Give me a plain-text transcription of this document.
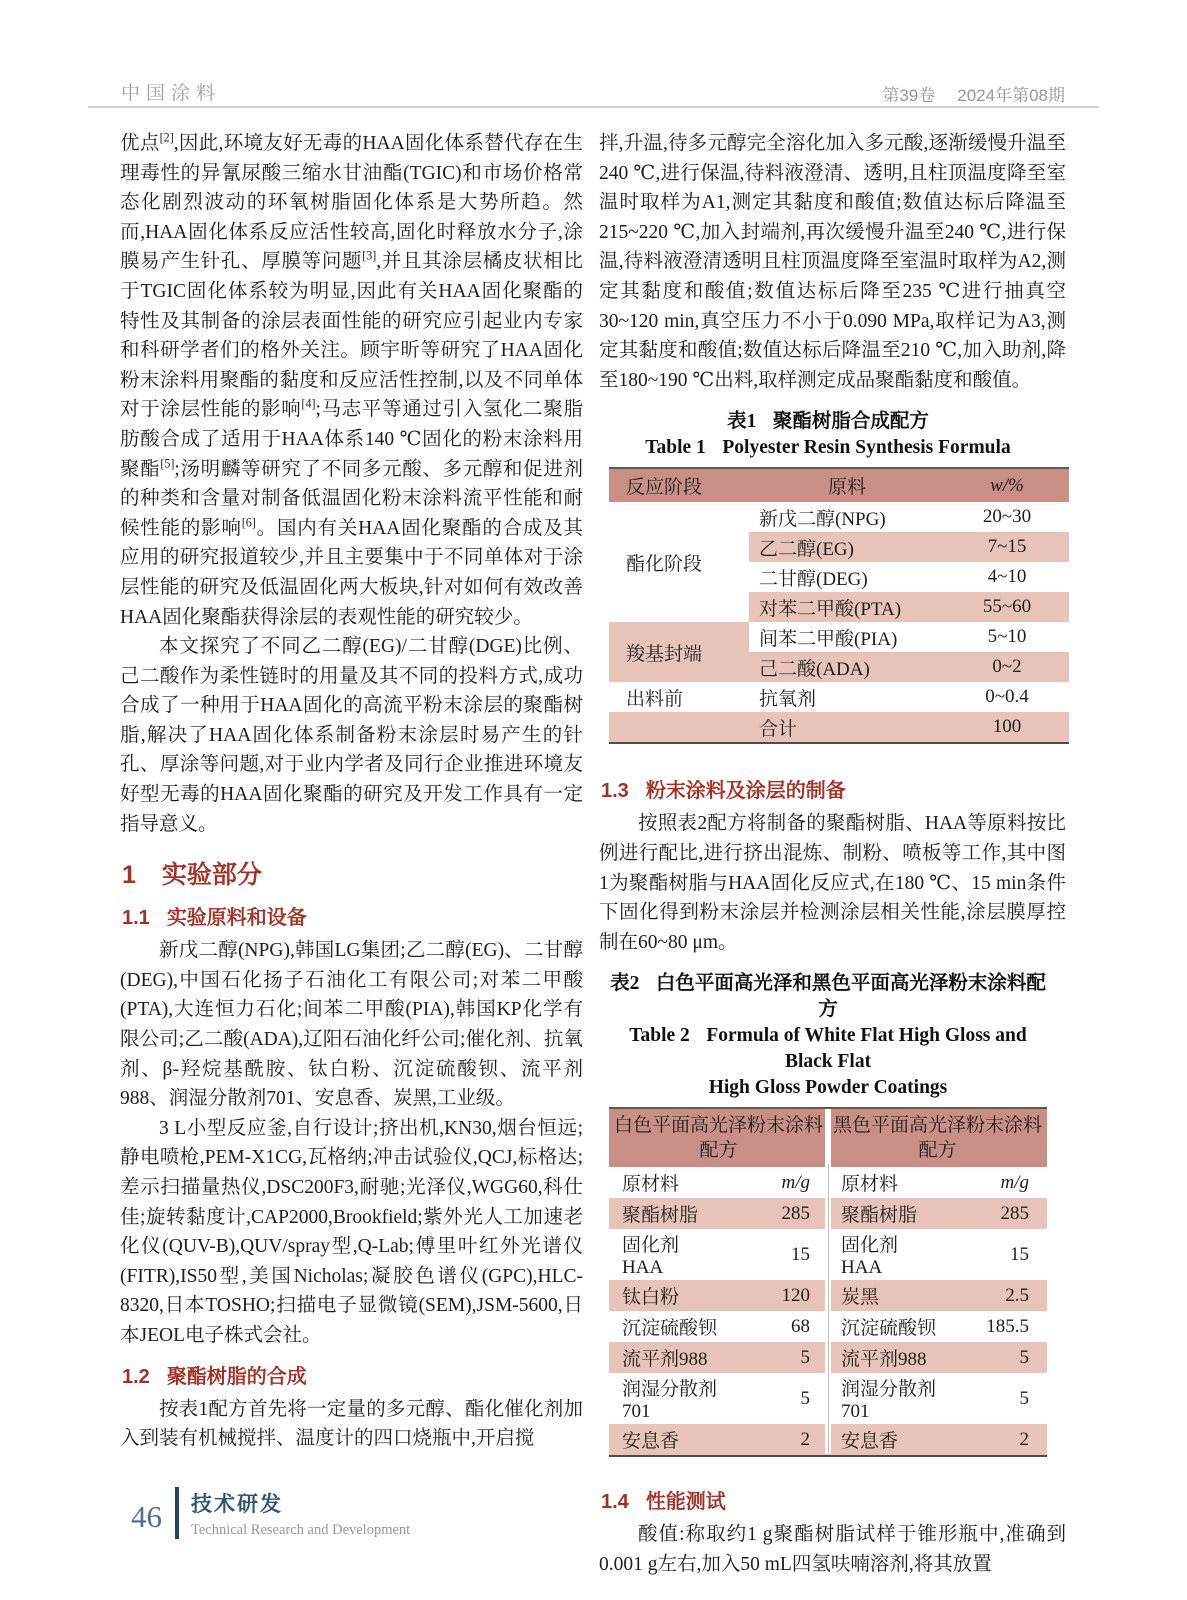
中国涂料	第39卷 2024年第08期

优点[2],因此,环境友好无毒的HAA固化体系替代存在生理毒性的异氰尿酸三缩水甘油酯(TGIC)和市场价格常态化剧烈波动的环氧树脂固化体系是大势所趋。然而,HAA固化体系反应活性较高,固化时释放水分子,涂膜易产生针孔、厚膜等问题[3],并且其涂层橘皮状相比于TGIC固化体系较为明显,因此有关HAA固化聚酯的特性及其制备的涂层表面性能的研究应引起业内专家和科研学者们的格外关注。顾宇昕等研究了HAA固化粉末涂料用聚酯的黏度和反应活性控制,以及不同单体对于涂层性能的影响[4];马志平等通过引入氢化二聚脂肪酸合成了适用于HAA体系140 ℃固化的粉末涂料用聚酯[5];汤明麟等研究了不同多元酸、多元醇和促进剂的种类和含量对制备低温固化粉末涂料流平性能和耐候性能的影响[6]。国内有关HAA固化聚酯的合成及其应用的研究报道较少,并且主要集中于不同单体对于涂层性能的研究及低温固化两大板块,针对如何有效改善HAA固化聚酯获得涂层的表观性能的研究较少。

本文探究了不同乙二醇(EG)/二甘醇(DGE)比例、己二酸作为柔性链时的用量及其不同的投料方式,成功合成了一种用于HAA固化的高流平粉末涂层的聚酯树脂,解决了HAA固化体系制备粉末涂层时易产生的针孔、厚涂等问题,对于业内学者及同行企业推进环境友好型无毒的HAA固化聚酯的研究及开发工作具有一定指导意义。

1 实验部分
1.1 实验原料和设备

新戊二醇(NPG),韩国LG集团;乙二醇(EG)、二甘醇(DEG),中国石化扬子石油化工有限公司;对苯二甲酸(PTA),大连恒力石化;间苯二甲酸(PIA),韩国KP化学有限公司;乙二酸(ADA),辽阳石油化纤公司;催化剂、抗氧剂、β-羟烷基酰胺、钛白粉、沉淀硫酸钡、流平剂988、润湿分散剂701、安息香、炭黑,工业级。

3 L小型反应釜,自行设计;挤出机,KN30,烟台恒远;静电喷枪,PEM-X1CG,瓦格纳;冲击试验仪,QCJ,标格达;差示扫描量热仪,DSC200F3,耐驰;光泽仪,WGG60,科仕佳;旋转黏度计,CAP2000,Brookfield;紫外光人工加速老化仪(QUV-B),QUV/spray型,Q-Lab;傅里叶红外光谱仪(FITR),IS50型,美国Nicholas;凝胶色谱仪(GPC),HLC-8320,日本TOSHO;扫描电子显微镜(SEM),JSM-5600,日本JEOL电子株式会社。

1.2 聚酯树脂的合成

按表1配方首先将一定量的多元醇、酯化催化剂加入到装有机械搅拌、温度计的四口烧瓶中,开启搅

拌,升温,待多元醇完全溶化加入多元酸,逐渐缓慢升温至240 ℃,进行保温,待料液澄清、透明,且柱顶温度降至室温时取样为A1,测定其黏度和酸值;数值达标后降温至215~220 ℃,加入封端剂,再次缓慢升温至240 ℃,进行保温,待料液澄清透明且柱顶温度降至室温时取样为A2,测定其黏度和酸值;数值达标后降至235 ℃进行抽真空30~120 min,真空压力不小于0.090 MPa,取样记为A3,测定其黏度和酸值;数值达标后降温至210 ℃,加入助剂,降至180~190 ℃出料,取样测定成品聚酯黏度和酸值。

表1 聚酯树脂合成配方
Table 1 Polyester Resin Synthesis Formula
反应阶段	原料	w/%
酯化阶段	新戊二醇(NPG)	20~30
	乙二醇(EG)	7~15
	二甘醇(DEG)	4~10
	对苯二甲酸(PTA)	55~60
羧基封端	间苯二甲酸(PIA)	5~10
	己二酸(ADA)	0~2
出料前	抗氧剂	0~0.4
	合计	100
1.3 粉末涂料及涂层的制备

按照表2配方将制备的聚酯树脂、HAA等原料按比例进行配比,进行挤出混炼、制粉、喷板等工作,其中图1为聚酯树脂与HAA固化反应式,在180 ℃、15 min条件下固化得到粉末涂层并检测涂层相关性能,涂层膜厚控制在60~80 μm。

表2 白色平面高光泽和黑色平面高光泽粉末涂料配方
Table 2 Formula of White Flat High Gloss and Black Flat
High Gloss Powder Coatings
白色平面高光泽粉末涂料 配方		黑色平面高光泽粉末涂料 配方	
原材料	m/g	原材料	m/g
聚酯树脂	285	聚酯树脂	285
固化剂HAA	15	固化剂HAA	15
钛白粉	120	炭黑	2.5
沉淀硫酸钡	68	沉淀硫酸钡	185.5
流平剂988	5	流平剂988	5
润湿分散剂701	5	润湿分散剂701	5
安息香	2	安息香	2
1.4 性能测试

酸值:称取约1 g聚酯树脂试样于锥形瓶中,准确到0.001 g左右,加入50 mL四氢呋喃溶剂,将其放置

46 技术研发
Technical Research and Development
